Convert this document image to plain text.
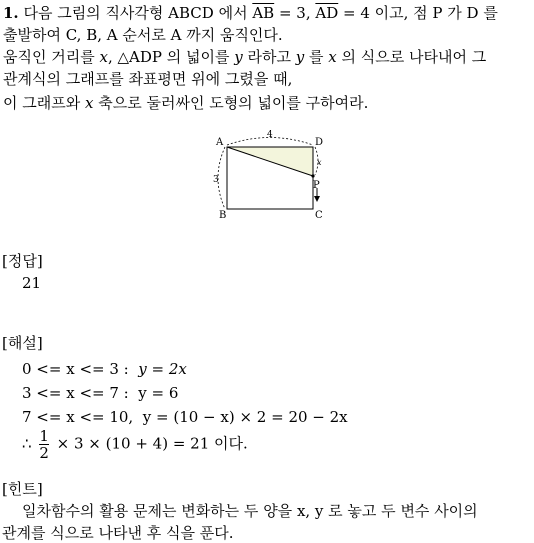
1. 다음 그림의 직사각형 ABCD 에서 $\overline{AB} = 3$, $\overline{AD} = 4$ 이고, 점 P 가 D 를
출발하여 C, B, A 순서로 A 까지 움직인다.
움직인 거리를 x, △ADP 의 넓이를 y 라하고 y 를 x 의 식으로 나타내어 그
관계식의 그래프를 좌표평면 위에 그렸을 때,
이 그래프와 x 축으로 둘러싸인 도형의 넓이를 구하여라.
A	D
B	C
P
4
3
x
[정답]
21
[해설]
0 <= x <= 3 : y = 2x
3 <= x <= 7 : y = 6
7 <= x <= 10, y = (10 − x) × 2 = 20 − 2x
∴ $\frac{1}{2} \times 3 \times (10 + 4) = 21$ 이다.
[힌트]
일차함수의 활용 문제는 변화하는 두 양을 x, y 로 놓고 두 변수 사이의
관계를 식으로 나타낸 후 식을 푼다.
